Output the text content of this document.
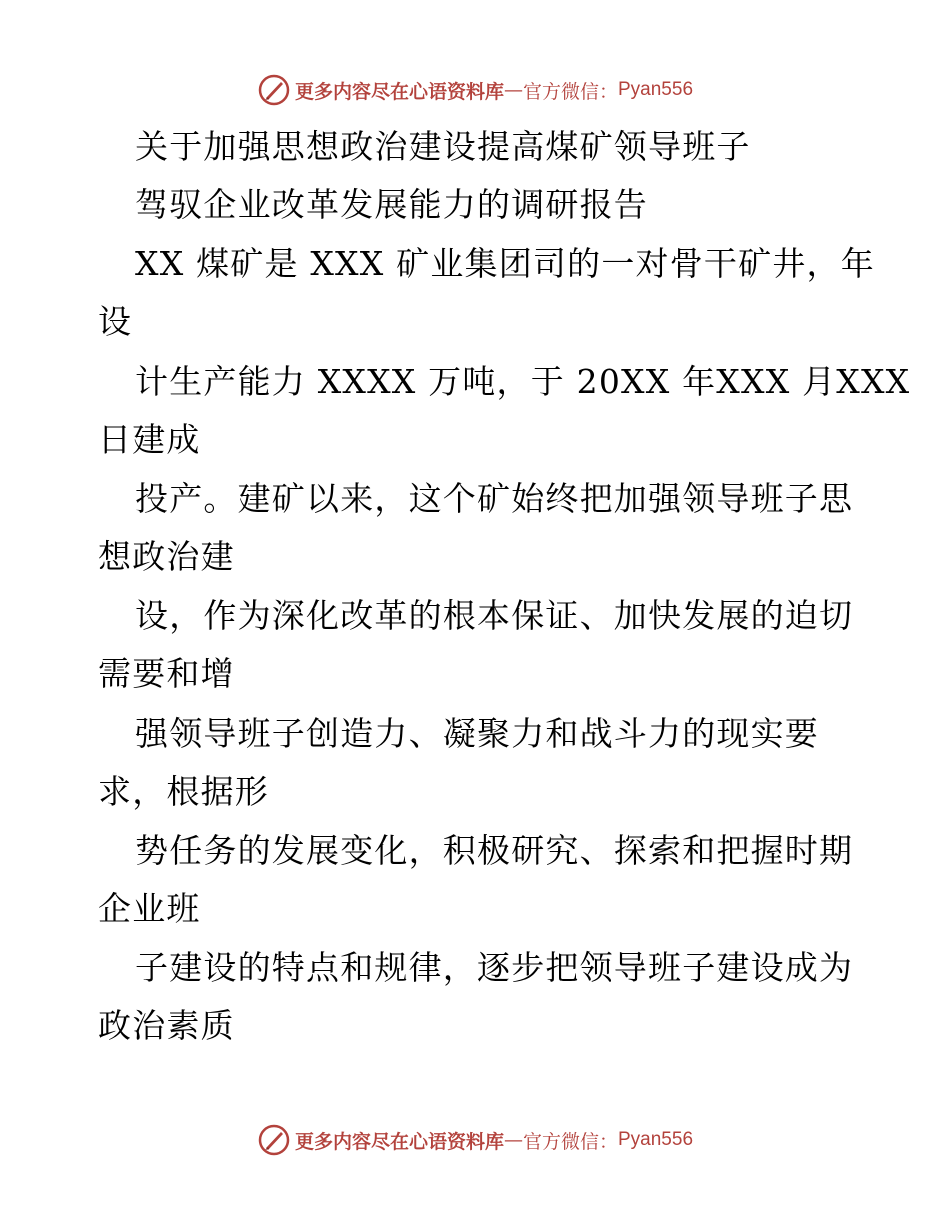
更多内容尽在心语资料库 — 官方微信： Pyan556
关于加强思想政治建设提高煤矿领导班子
驾驭企业改革发展能力的调研报告
XX 煤矿是 XXX 矿业集团司的一对骨干矿井，年
设
计生产能力 XXXX 万吨，于 20XX 年XXX 月XXX
日建成
投产。建矿以来，这个矿始终把加强领导班子思
想政治建
设，作为深化改革的根本保证、加快发展的迫切
需要和增
强领导班子创造力、凝聚力和战斗力的现实要
求，根据形
势任务的发展变化，积极研究、探索和把握时期
企业班
子建设的特点和规律，逐步把领导班子建设成为
政治素质
更多内容尽在心语资料库 — 官方微信： Pyan556
